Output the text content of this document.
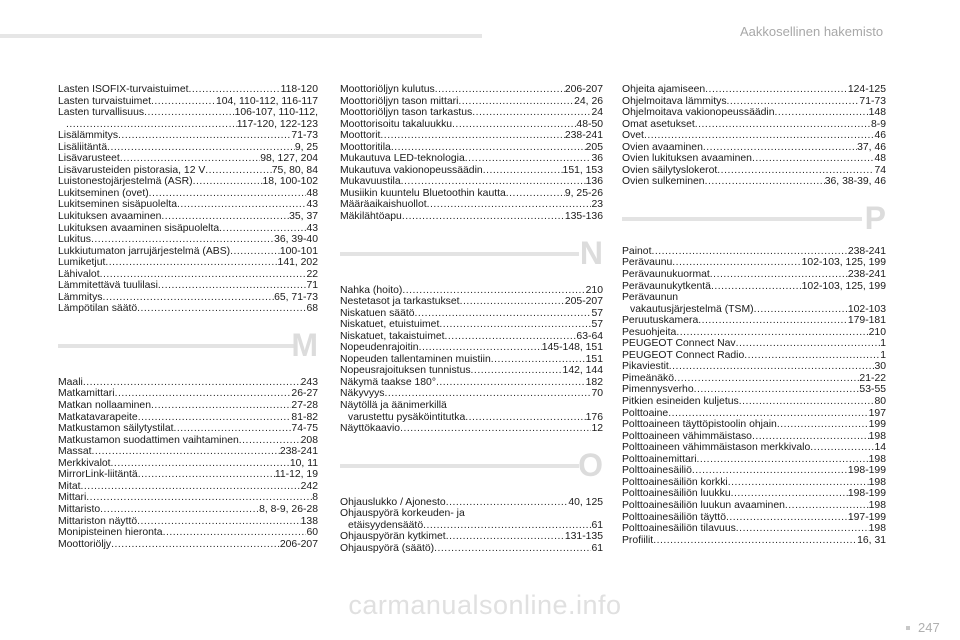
Aakkosellinen hakemisto
Lasten ISOFIX-turvaistuimet .....	118-120
Lasten turvaistuimet .....	104, 110-112, 116-117
Lasten turvallisuus .....	106-107, 110-112,
.....
117-120, 122-123
Lisälämmitys .....	71-73
Lisäliitäntä .....	9, 25
Lisävarusteet .....	98, 127, 204
Lisävarusteiden pistorasia, 12 V .....	75, 80, 84
Luistonestojärjestelmä (ASR) .....	18, 100-102
Lukitseminen (ovet) .....	48
Lukitseminen sisäpuolelta .....	43
Lukituksen avaaminen .....	35, 37
Lukituksen avaaminen sisäpuolelta .....	43
Lukitus .....	36, 39-40
Lukkiutumaton jarrujärjestelmä (ABS) .....	100-101
Lumiketjut .....	141, 202
Lähivalot .....	22
Lämmitettävä tuulilasi .....	71
Lämmitys .....	65, 71-73
Lämpötilan säätö .....	68
M
Maali .....	243
Matkamittari .....	26-27
Matkan nollaaminen .....	27-28
Matkatavarapeite .....	81-82
Matkustamon säilytystilat .....	74-75
Matkustamon suodattimen vaihtaminen .....	208
Massat .....	238-241
Merkkivalot .....	10, 11
MirrorLink-liitäntä .....	11-12, 19
Mitat .....	242
Mittari .....	8
Mittaristo .....	8, 8-9, 26-28
Mittariston näyttö .....	138
Monipisteinen hieronta .....	60
Moottoriöljy .....	206-207
Moottoriöljyn kulutus .....	206-207
Moottoriöljyn tason mittari .....	24, 26
Moottoriöljyn tason tarkastus .....	24
Moottorisoitu takaluukku .....	48-50
Moottorit .....	238-241
Moottoritila .....	205
Mukautuva LED-teknologia .....	36
Mukautuva vakionopeussäädin .....	151, 153
Mukavuustila .....	136
Musiikin kuuntelu Bluetoothin kautta .....	9, 25-26
Määräaikaishuollot .....	23
Mäkilähtöapu .....	135-136
N
Nahka (hoito) .....	210
Nestetasot ja tarkastukset .....	205-207
Niskatuen säätö .....	57
Niskatuet, etuistuimet .....	57
Niskatuet, takaistuimet .....	63-64
Nopeudenrajoitin .....	145-148, 151
Nopeuden tallentaminen muistiin .....	151
Nopeusrajoituksen tunnistus .....	142, 144
Näkymä taakse 180° .....	182
Näkyvyys .....	70
Näytöllä ja äänimerkillä
varustettu pysäköintitutka .....	176
Näyttökaavio .....	12
O
Ohjauslukko / Ajonesto .....	40, 125
Ohjauspyörä korkeuden- ja
etäisyydensäätö .....	61
Ohjauspyörän kytkimet .....	131-135
Ohjauspyörä (säätö) .....	61
Ohjeita ajamiseen .....	124-125
Ohjelmoitava lämmitys .....	71-73
Ohjelmoitava vakionopeussäädin .....	148
Omat asetukset .....	8-9
Ovet .....	46
Ovien avaaminen .....	37, 46
Ovien lukituksen avaaminen .....	48
Ovien säilytyslokerot .....	74
Ovien sulkeminen .....	36, 38-39, 46
P
Painot .....	238-241
Perävaunu .....	102-103, 125, 199
Perävaunukuormat .....	238-241
Perävaunukytkentä .....	102-103, 125, 199
Perävaunun
vakautusjärjestelmä (TSM) .....	102-103
Peruutuskamera .....	179-181
Pesuohjeita .....	210
PEUGEOT Connect Nav .....	1
PEUGEOT Connect Radio .....	1
Pikaviestit .....	30
Pimeänäkö .....	21-22
Pimennysverho .....	53-55
Pitkien esineiden kuljetus .....	80
Polttoaine .....	197
Polttoaineen täyttöpistoolin ohjain .....	199
Polttoaineen vähimmäistaso .....	198
Polttoaineen vähimmäistason merkkivalo .....	14
Polttoainemittari .....	198
Polttoainesäiliö .....	198-199
Polttoainesäiliön korkki .....	198
Polttoainesäiliön luukku .....	198-199
Polttoainesäiliön luukun avaaminen .....	198
Polttoainesäiliön täyttö .....	197-199
Polttoainesäiliön tilavuus .....	198
Profiilit .....	16, 31
carmanualsonline.info
247
